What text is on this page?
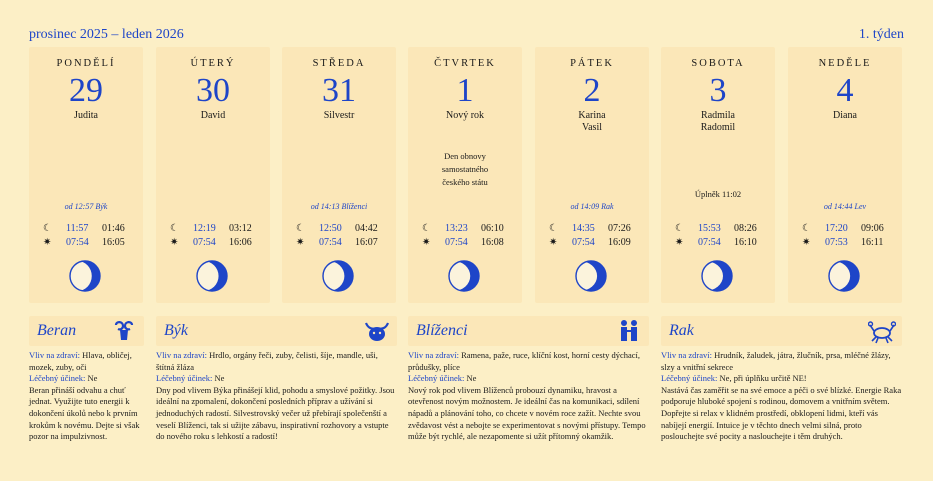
prosinec 2025 – leden 2026	1. týden
PONDĚLÍ
29
Judita
od 12:57 Býk
☾ 11:57 01:46
✷ 07:54 16:05
ÚTERÝ
30
David
☾ 12:19 03:12
✷ 07:54 16:06
STŘEDA
31
Silvestr
od 14:13 Blíženci
☾ 12:50 04:42
✷ 07:54 16:07
ČTVRTEK
1
Nový rok
Den obnovy
samostatného
českého státu
☾ 13:23 06:10
✷ 07:54 16:08
PÁTEK
2
Karina
Vasil
od 14:09 Rak
☾ 14:35 07:26
✷ 07:54 16:09
SOBOTA
3
Radmila
Radomil
Úplněk 11:02
☾ 15:53 08:26
✷ 07:54 16:10
NEDĚLE
4
Diana
od 14:44 Lev
☾ 17:20 09:06
✷ 07:53 16:11
Beran
Vliv na zdraví: Hlava, obličej, mozek, zuby, oči
Léčebný účinek: Ne
Beran přináší odvahu a chuť jednat. Využijte tuto energii k dokončení úkolů nebo k prvním krokům k novému. Dejte si však pozor na impulzivnost.
Býk
Vliv na zdraví: Hrdlo, orgány řeči, zuby, čelisti, šíje, mandle, uši, štítná žláza
Léčebný účinek: Ne
Dny pod vlivem Býka přinášejí klid, pohodu a smyslové požitky. Jsou ideální na zpomalení, dokončení posledních příprav a užívání si jednoduchých radostí. Silvestrovský večer už přebírají společenští a veselí Blíženci, tak si užijte zábavu, inspirativní rozhovory a vstupte do nového roku s lehkostí a radostí!
Blíženci
Vliv na zdraví: Ramena, paže, ruce, klíční kost, horní cesty dýchací, průdušky, plíce
Léčebný účinek: Ne
Nový rok pod vlivem Blíženců probouzí dynamiku, hravost a otevřenost novým možnostem. Je ideální čas na komunikaci, sdílení nápadů a plánování toho, co chcete v novém roce zažít. Nechte svou zvědavost vést a nebojte se experimentovat s novými přístupy. Tempo může být rychlé, ale nezapomente si užít přítomný okamžik.
Rak
Vliv na zdraví: Hrudník, žaludek, játra, žlučník, prsa, mléčné žlázy, slzy a vnitřní sekrece
Léčebný účinek: Ne, při úplňku určitě NE!
Nastává čas zaměřit se na své emoce a péči o své blízké. Energie Raka podporuje hluboké spojení s rodinou, domovem a vnitřním světem. Dopřejte si relax v klidném prostředí, obklopení lidmi, kteří vás nabíjejí energií. Intuice je v těchto dnech velmi silná, proto poslouchejte své pocity a naslouchejte i těm druhých.
